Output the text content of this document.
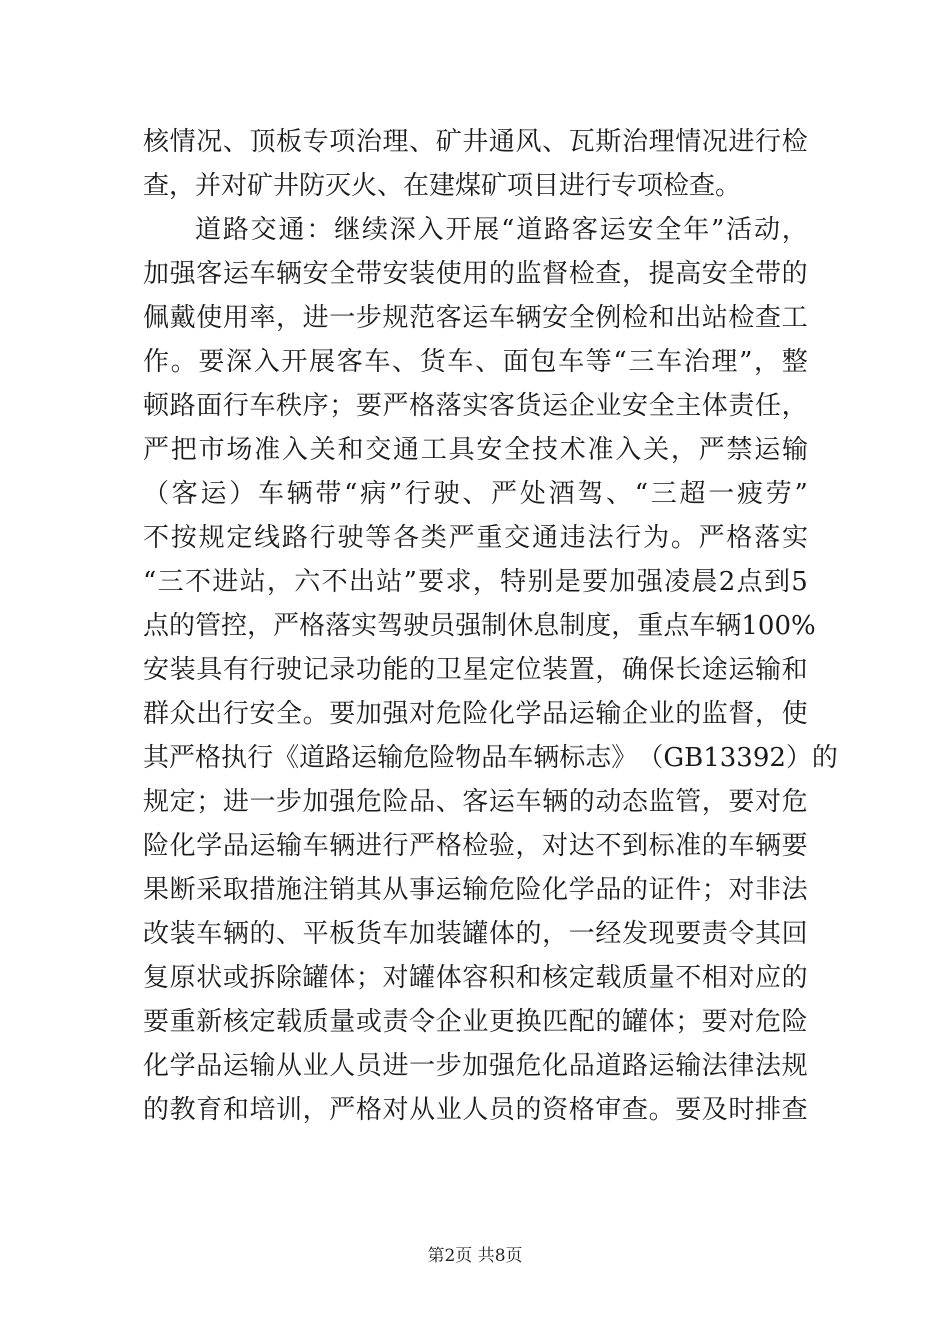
核 情 况 、 顶 板 专 项 治 理 、 矿 井 通 风 、 瓦 斯 治 理 情 况 进 行 检
查，并对矿井防灭火、在建煤矿项目进行专项检查。
道 路 交 通 ： 继 续 深 入 开 展 “ 道 路 客 运 安 全 年 ” 活 动 ，
加 强 客 运 车 辆 安 全 带 安 装 使 用 的 监 督 检 查 ， 提 高 安 全 带 的
佩 戴 使 用 率 ， 进 一 步 规 范 客 运 车 辆 安 全 例 检 和 出 站 检 查 工
作 。 要 深 入 开 展 客 车 、 货 车 、 面 包 车 等 “ 三 车 治 理 ” ， 整
顿 路 面 行 车 秩 序 ； 要 严 格 落 实 客 货 运 企 业 安 全 主 体 责 任 ，
严 把 市 场 准 入 关 和 交 通 工 具 安 全 技 术 准 入 关 ， 严 禁 运 输
（ 客 运 ） 车 辆 带 “ 病 ” 行 驶 、 严 处 酒 驾 、 “ 三 超 一 疲 劳 ”
不 按 规 定 线 路 行 驶 等 各 类 严 重 交 通 违 法 行 为 。 严 格 落 实
“ 三 不 进 站 ， 六 不 出 站 ” 要 求 ， 特 别 是 要 加 强 凌 晨 2 点 到 5
点 的 管 控 ， 严 格 落 实 驾 驶 员 强 制 休 息 制 度 ， 重 点 车 辆 100%
安 装 具 有 行 驶 记 录 功 能 的 卫 星 定 位 装 置 ， 确 保 长 途 运 输 和
群 众 出 行 安 全 。 要 加 强 对 危 险 化 学 品 运 输 企 业 的 监 督 ， 使
其 严 格 执 行 《 道 路 运 输 危 险 物 品 车 辆 标 志 》 （ GB13392 ） 的
规 定 ； 进 一 步 加 强 危 险 品 、 客 运 车 辆 的 动 态 监 管 ， 要 对 危
险 化 学 品 运 输 车 辆 进 行 严 格 检 验 ， 对 达 不 到 标 准 的 车 辆 要
果 断 采 取 措 施 注 销 其 从 事 运 输 危 险 化 学 品 的 证 件 ； 对 非 法
改 装 车 辆 的 、 平 板 货 车 加 装 罐 体 的 ， 一 经 发 现 要 责 令 其 回
复 原 状 或 拆 除 罐 体 ； 对 罐 体 容 积 和 核 定 载 质 量 不 相 对 应 的
要 重 新 核 定 载 质 量 或 责 令 企 业 更 换 匹 配 的 罐 体 ； 要 对 危 险
化 学 品 运 输 从 业 人 员 进 一 步 加 强 危 化 品 道 路 运 输 法 律 法 规
的 教 育 和 培 训 ， 严 格 对 从 业 人 员 的 资 格 审 查 。 要 及 时 排 查
第2页 共8页
